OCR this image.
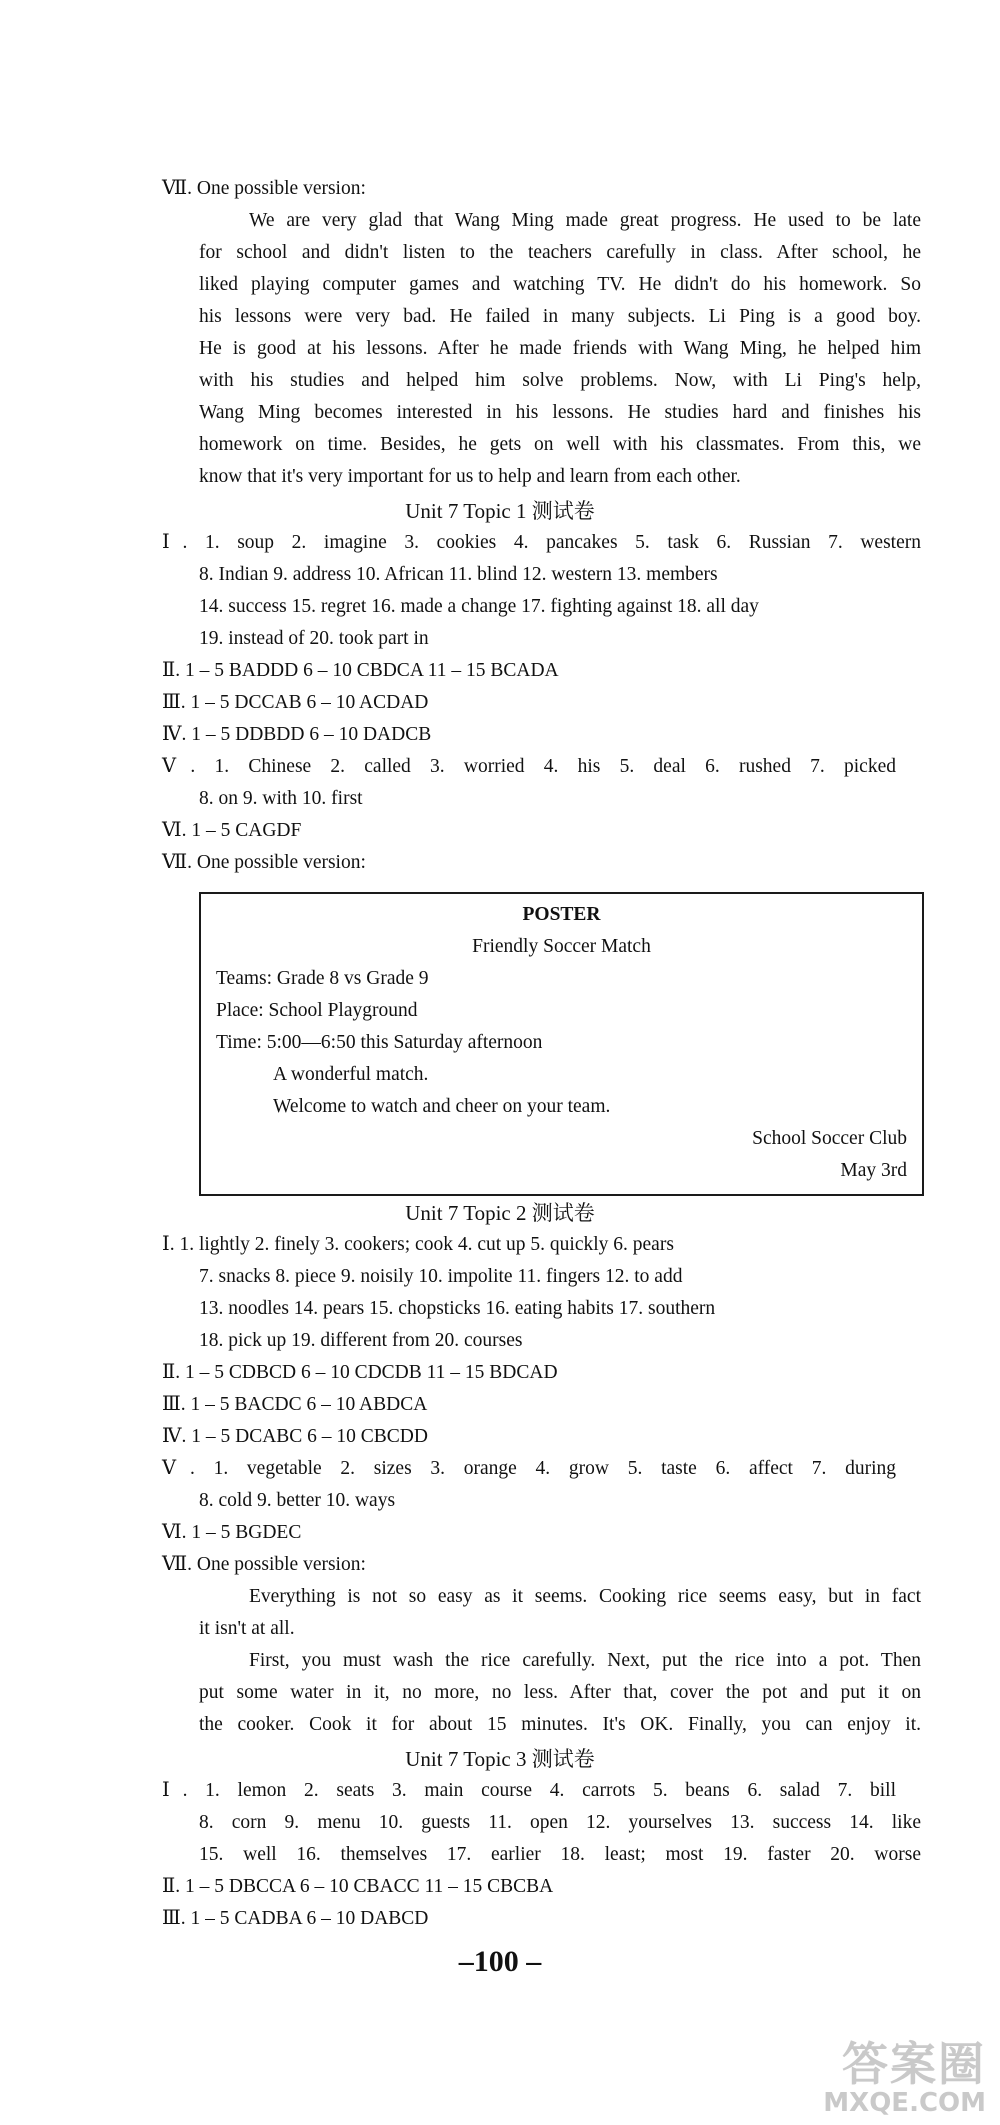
Ⅶ. One possible version:
We are very glad that Wang Ming made great progress. He used to be late
for school and didn't listen to the teachers carefully in class. After school, he
liked playing computer games and watching TV. He didn't do his homework. So
his lessons were very bad. He failed in many subjects. Li Ping is a good boy.
He is good at his lessons. After he made friends with Wang Ming, he helped him
with his studies and helped him solve problems. Now, with Li Ping's help,
Wang Ming becomes interested in his lessons. He studies hard and finishes his
homework on time. Besides, he gets on well with his classmates. From this, we
know that it's very important for us to help and learn from each other.
Unit 7 Topic 1 测试卷
Ⅰ. 1. soup 2. imagine 3. cookies 4. pancakes 5. task 6. Russian 7. western
8. Indian 9. address 10. African 11. blind 12. western 13. members
14. success 15. regret 16. made a change 17. fighting against 18. all day
19. instead of 20. took part in
Ⅱ. 1 – 5 BADDD 6 – 10 CBDCA 11 – 15 BCADA
Ⅲ. 1 – 5 DCCAB 6 – 10 ACDAD
Ⅳ. 1 – 5 DDBDD 6 – 10 DADCB
Ⅴ. 1. Chinese 2. called 3. worried 4. his 5. deal 6. rushed 7. picked
8. on 9. with 10. first
Ⅵ. 1 – 5 CAGDF
Ⅶ. One possible version:
POSTER
Friendly Soccer Match
Teams: Grade 8 vs Grade 9
Place: School Playground
Time: 5:00—6:50 this Saturday afternoon
A wonderful match.
Welcome to watch and cheer on your team.
School Soccer Club
May 3rd
Unit 7 Topic 2 测试卷
Ⅰ. 1. lightly 2. finely 3. cookers; cook 4. cut up 5. quickly 6. pears
7. snacks 8. piece 9. noisily 10. impolite 11. fingers 12. to add
13. noodles 14. pears 15. chopsticks 16. eating habits 17. southern
18. pick up 19. different from 20. courses
Ⅱ. 1 – 5 CDBCD 6 – 10 CDCDB 11 – 15 BDCAD
Ⅲ. 1 – 5 BACDC 6 – 10 ABDCA
Ⅳ. 1 – 5 DCABC 6 – 10 CBCDD
Ⅴ. 1. vegetable 2. sizes 3. orange 4. grow 5. taste 6. affect 7. during
8. cold 9. better 10. ways
Ⅵ. 1 – 5 BGDEC
Ⅶ. One possible version:
Everything is not so easy as it seems. Cooking rice seems easy, but in fact
it isn't at all.
First, you must wash the rice carefully. Next, put the rice into a pot. Then
put some water in it, no more, no less. After that, cover the pot and put it on
the cooker. Cook it for about 15 minutes. It's OK. Finally, you can enjoy it.
Unit 7 Topic 3 测试卷
Ⅰ. 1. lemon 2. seats 3. main course 4. carrots 5. beans 6. salad 7. bill
8. corn 9. menu 10. guests 11. open 12. yourselves 13. success 14. like
15. well 16. themselves 17. earlier 18. least; most 19. faster 20. worse
Ⅱ. 1 – 5 DBCCA 6 – 10 CBACC 11 – 15 CBCBA
Ⅲ. 1 – 5 CADBA 6 – 10 DABCD
–100 –
答案圈
MXQE.COM
